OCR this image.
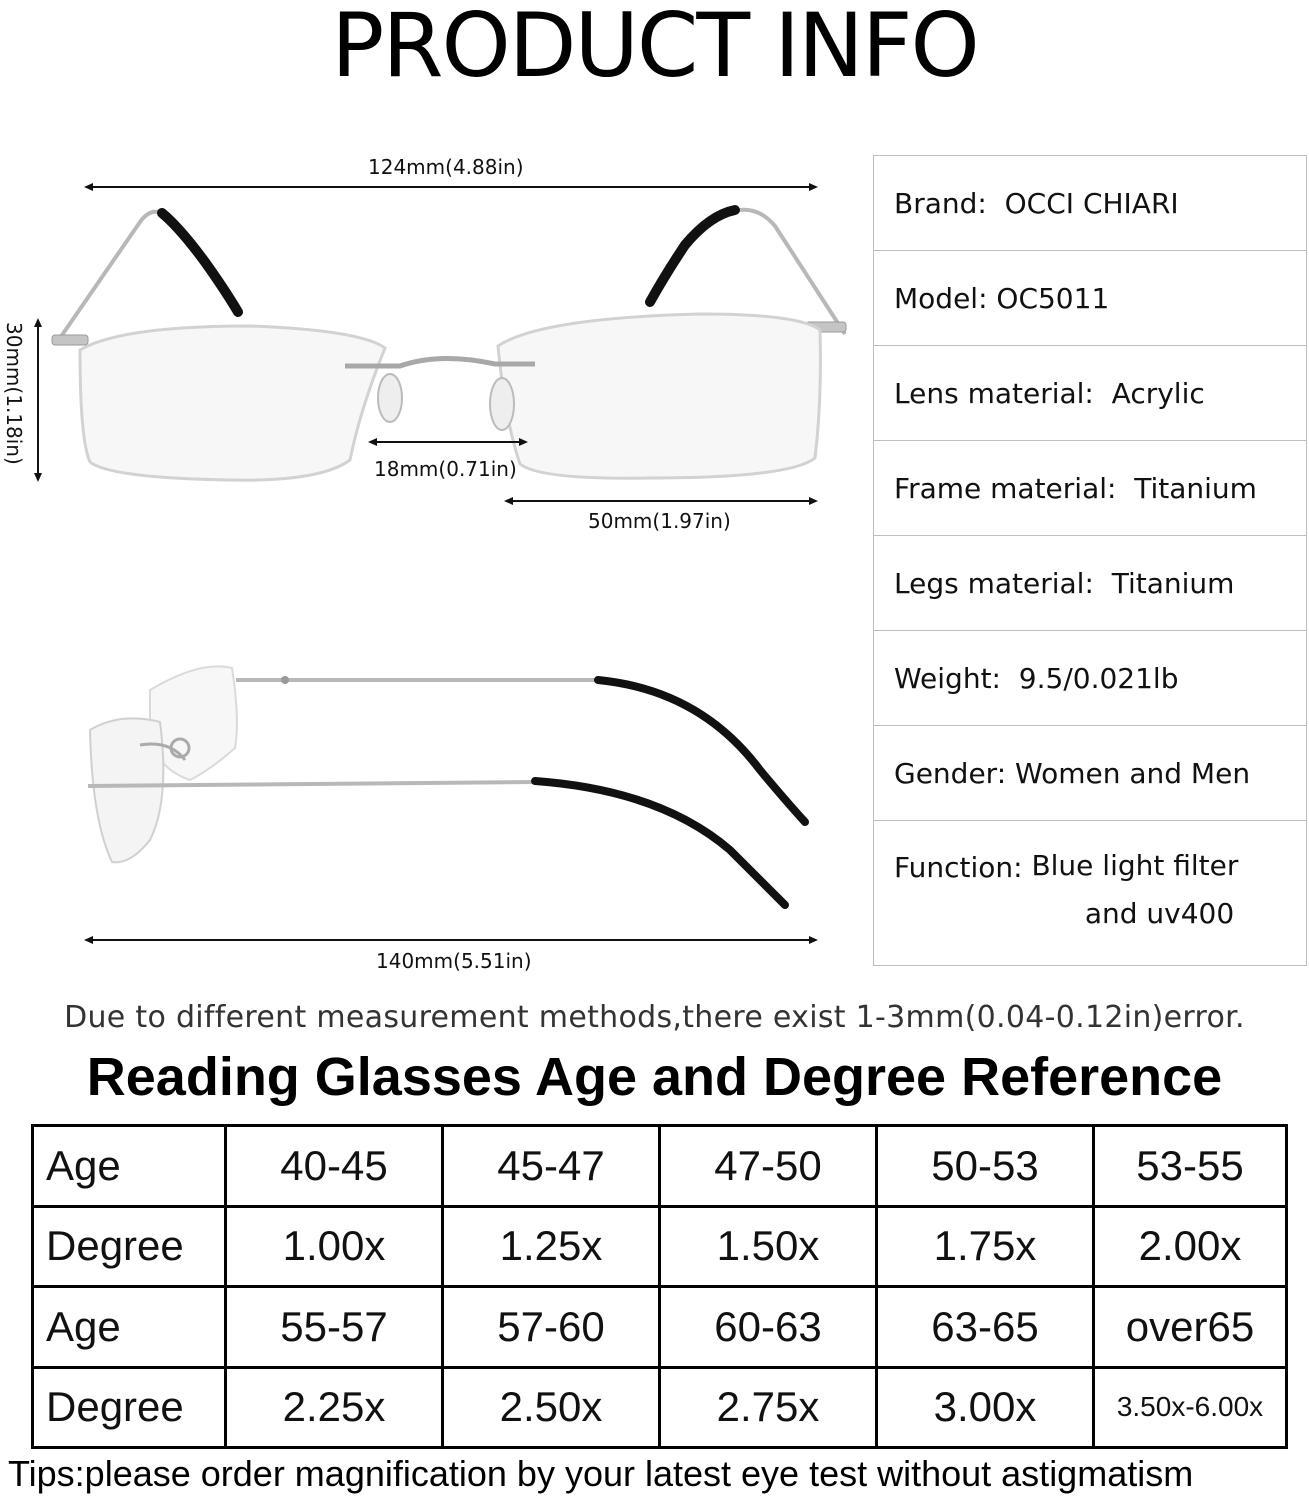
PRODUCT INFO
124mm(4.88in)
30mm(1.18in)
18mm(0.71in)
50mm(1.97in)
140mm(5.51in)
Brand: OCCI CHIARI
Model: OC5011
Lens material: Acrylic
Frame material: Titanium
Legs material: Titanium
Weight: 9.5/0.021lb
Gender: Women and Men
Function: Blue light filter
and uv400
Due to different measurement methods,there exist 1-3mm(0.04-0.12in)error.
Reading Glasses Age and Degree Reference
Age	40-45	45-47	47-50	50-53	53-55
Degree	1.00x	1.25x	1.50x	1.75x	2.00x
Age	55-57	57-60	60-63	63-65	over65
Degree	2.25x	2.50x	2.75x	3.00x	3.50x-6.00x
Tips:please order magnification by your latest eye test without astigmatism
